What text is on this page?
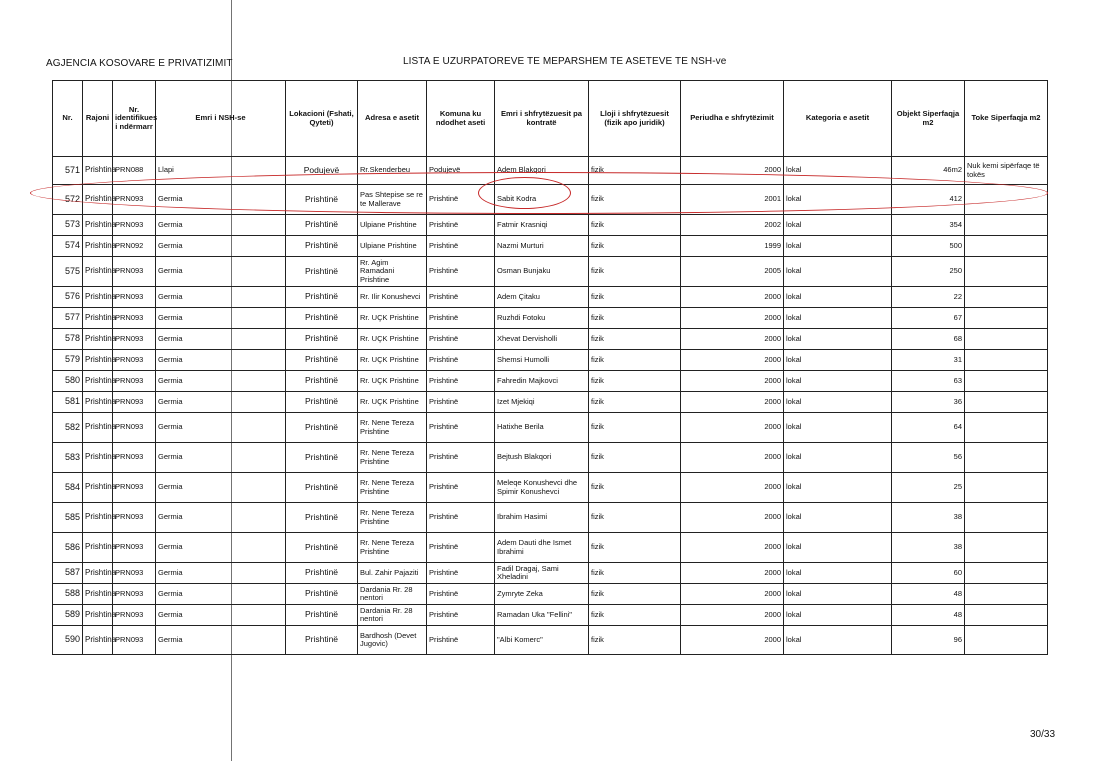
AGJENCIA KOSOVARE E PRIVATIZIMIT	LISTA E UZURPATOREVE TE MEPARSHEM TE ASETEVE TE NSH-ve
Nr.	Rajoni	Nr. identifikues i ndërmarr	Emri i NSH-se	Lokacioni (Fshati, Qyteti)	Adresa e asetit	Komuna ku ndodhet aseti	Emri i shfrytëzuesit pa kontratë	Lloji i shfrytëzuesit (fizik apo juridik)	Periudha e shfrytëzimit	Kategoria e asetit	Objekt Siperfaqja m2	Toke Siperfaqja m2
571	Prishtina	PRN088	Llapi	Podujevë	Rr.Skenderbeu	Podujevë	Adem Blakqori	fizik	2000	lokal	46m2	Nuk kemi sipërfaqe të tokës
572	Prishtina	PRN093	Germia	Prishtinë	Pas Shtepise se re te Mallerave	Prishtinë	Sabit Kodra	fizik	2001	lokal	412	
573	Prishtina	PRN093	Germia	Prishtinë	Ulpiane Prishtine	Prishtinë	Fatmir Krasniqi	fizik	2002	lokal	354	
574	Prishtina	PRN092	Germia	Prishtinë	Ulpiane Prishtine	Prishtinë	Nazmi Murturi	fizik	1999	lokal	500	
575	Prishtina	PRN093	Germia	Prishtinë	Rr. Agim Ramadani Prishtine	Prishtinë	Osman Bunjaku	fizik	2005	lokal	250	
576	Prishtina	PRN093	Germia	Prishtinë	Rr. Ilir Konushevci	Prishtinë	Adem Çitaku	fizik	2000	lokal	22	
577	Prishtina	PRN093	Germia	Prishtinë	Rr. UÇK Prishtine	Prishtinë	Ruzhdi Fotoku	fizik	2000	lokal	67	
578	Prishtina	PRN093	Germia	Prishtinë	Rr. UÇK Prishtine	Prishtinë	Xhevat Dervisholli	fizik	2000	lokal	68	
579	Prishtina	PRN093	Germia	Prishtinë	Rr. UÇK Prishtine	Prishtinë	Shemsi Humolli	fizik	2000	lokal	31	
580	Prishtina	PRN093	Germia	Prishtinë	Rr. UÇK Prishtine	Prishtinë	Fahredin Majkovci	fizik	2000	lokal	63	
581	Prishtina	PRN093	Germia	Prishtinë	Rr. UÇK Prishtine	Prishtinë	Izet Mjekiqi	fizik	2000	lokal	36	
582	Prishtina	PRN093	Germia	Prishtinë	Rr. Nene Tereza Prishtine	Prishtinë	Hatixhe Berila	fizik	2000	lokal	64	
583	Prishtina	PRN093	Germia	Prishtinë	Rr. Nene Tereza Prishtine	Prishtinë	Bejtush Blakqori	fizik	2000	lokal	56	
584	Prishtina	PRN093	Germia	Prishtinë	Rr. Nene Tereza Prishtine	Prishtinë	Meleqe Konushevci dhe Spimir Konushevci	fizik	2000	lokal	25	
585	Prishtina	PRN093	Germia	Prishtinë	Rr. Nene Tereza Prishtine	Prishtinë	Ibrahim Hasimi	fizik	2000	lokal	38	
586	Prishtina	PRN093	Germia	Prishtinë	Rr. Nene Tereza Prishtine	Prishtinë	Adem Dauti dhe Ismet Ibrahimi	fizik	2000	lokal	38	
587	Prishtina	PRN093	Germia	Prishtinë	Bul. Zahir Pajaziti	Prishtinë	Fadil Dragaj, Sami Xheladini	fizik	2000	lokal	60	
588	Prishtina	PRN093	Germia	Prishtinë	Dardania Rr. 28 nentori	Prishtinë	Zymryte Zeka	fizik	2000	lokal	48	
589	Prishtina	PRN093	Germia	Prishtinë	Dardania Rr. 28 nentori	Prishtinë	Ramadan Uka "Fellini"	fizik	2000	lokal	48	
590	Prishtina	PRN093	Germia	Prishtinë	Bardhosh (Devet Jugovic)	Prishtinë	"Albi Komerc"	fizik	2000	lokal	96	
30/33
